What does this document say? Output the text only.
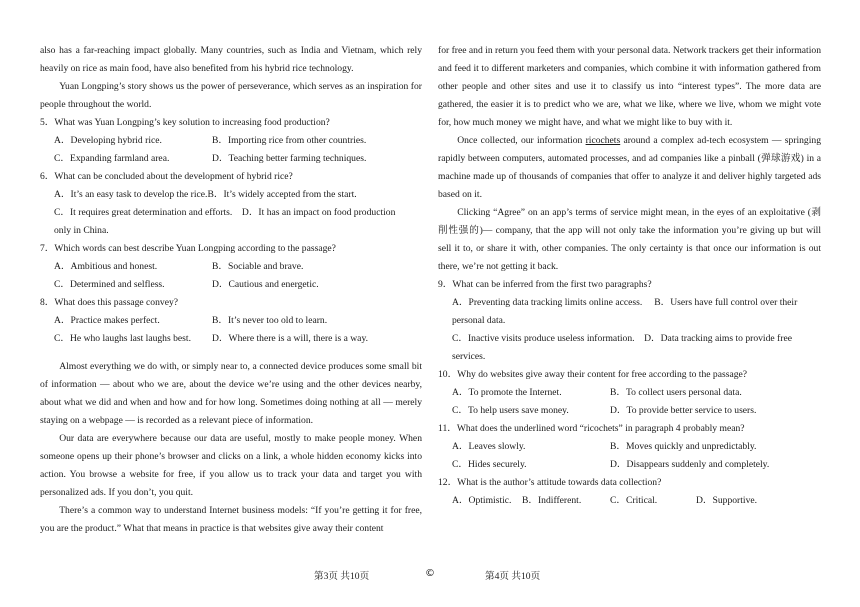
also has a far-reaching impact globally. Many countries, such as India and Vietnam, which rely heavily on rice as main food, have also benefited from his hybrid rice technology.

Yuan Longping’s story shows us the power of perseverance, which serves as an inspiration for people throughout the world.

5．What was Yuan Longping’s key solution to increasing food production?

A．Developing hybrid rice.	B．Importing rice from other countries.
C．Expanding farmland area.	D．Teaching better farming techniques.

6．What can be concluded about the development of hybrid rice?

A．It’s an easy task to develop the rice.B．It’s widely accepted from the start.
C．It requires great determination and efforts.　D．It has an impact on food production
only in China.

7．Which words can best describe Yuan Longping according to the passage?

A．Ambitious and honest.	B．Sociable and brave.
C．Determined and selfless.	D．Cautious and energetic.

8．What does this passage convey?

A．Practice makes perfect.	B．It’s never too old to learn.
C．He who laughs last laughs best.	D．Where there is a will, there is a way.

Almost everything we do with, or simply near to, a connected device produces some small bit of information — about who we are, about the device we’re using and the other devices nearby, about what we did and when and how and for how long. Sometimes doing nothing at all — merely staying on a webpage — is recorded as a relevant piece of information.

Our data are everywhere because our data are useful, mostly to make people money. When someone opens up their phone’s browser and clicks on a link, a whole hidden economy kicks into action. You browse a website for free, if you allow us to track your data and target you with personalized ads. If you don’t, you quit.

There’s a common way to understand Internet business models: “If you’re getting it for free, you are the product.” What that means in practice is that websites give away their content

for free and in return you feed them with your personal data. Network trackers get their information and feed it to different marketers and companies, which combine it with information gathered from other people and other sites and use it to classify us into “interest types”. The more data are gathered, the easier it is to predict who we are, what we like, where we live, whom we might vote for, how much money we might have, and what we might like to buy with it.

Once collected, our information ricochets around a complex ad-tech ecosystem — springing rapidly between computers, automated processes, and ad companies like a pinball (弹球游戏) in a machine made up of thousands of companies that offer to analyze it and deliver highly targeted ads based on it.

Clicking “Agree” on an app’s terms of service might mean, in the eyes of an exploitative (剥削性强的)— company, that the app will not only take the information you’re giving up but will sell it to, or share it with, other companies. The only certainty is that once our information is out there, we’re not getting it back.

9．What can be inferred from the first two paragraphs?

A．Preventing data tracking limits online access.　 B．Users have full control over their
personal data.
C．Inactive visits produce useless information.　D．Data tracking aims to provide free
services.

10．Why do websites give away their content for free according to the passage?

A．To promote the Internet.	B．To collect users personal data.
C．To help users save money.	D．To provide better service to users.

11．What does the underlined word “ricochets” in paragraph 4 probably mean?

A．Leaves slowly.	B．Moves quickly and unpredictably.
C．Hides securely.	D．Disappears suddenly and completely.

12．What is the author’s attitude towards data collection?

A．Optimistic.	B．Indifferent.	C．Critical.	D．Supportive.
第3页 共10页	©	第4页 共10页
